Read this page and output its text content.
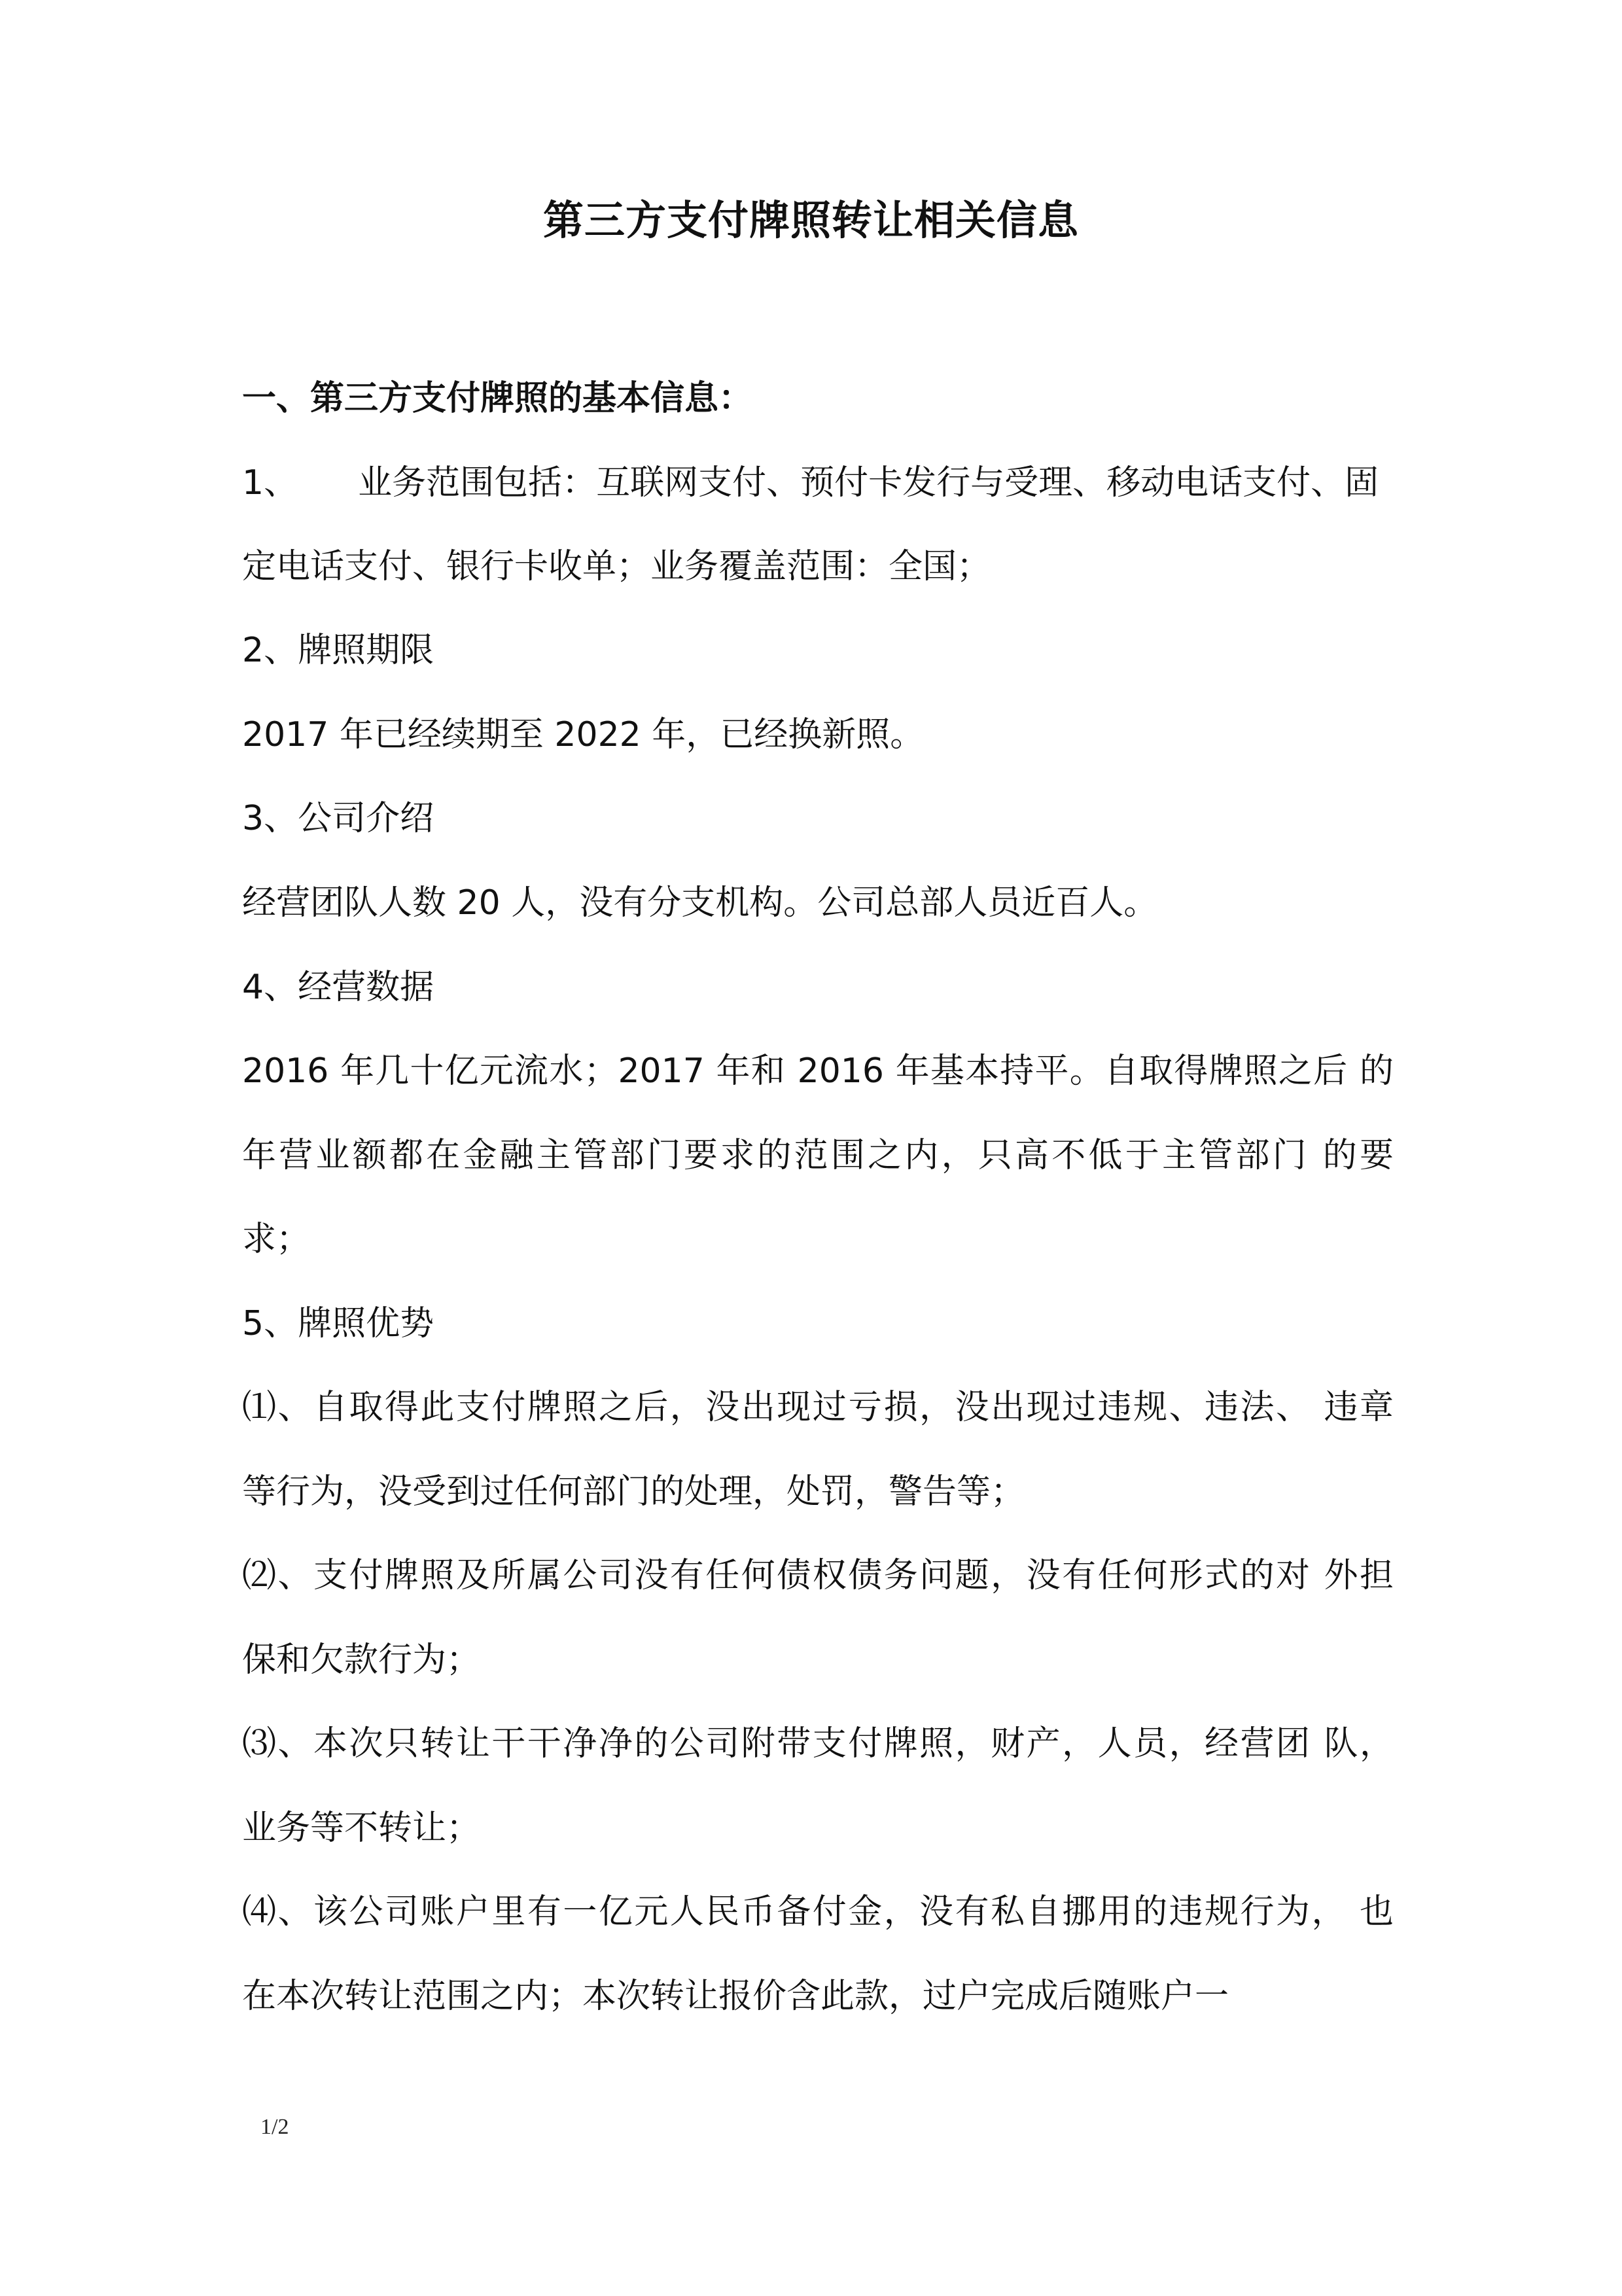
第三方支付牌照转让相关信息
一、第三方支付牌照的基本信息：
1、 业务范围包括：互联网支付、预付卡发行与受理、移动电话支付、固
定电话支付、银行卡收单；业务覆盖范围：全国；
2、牌照期限
2017 年已经续期至 2022 年，已经换新照。
3、公司介绍
经营团队人数 20 人，没有分支机构。公司总部人员近百人。
4、经营数据
2016 年几十亿元流水；2017 年和 2016 年基本持平。自取得牌照之后 的
年营业额都在金融主管部门要求的范围之内，只高不低于主管部门 的要
求；
5、牌照优势
⑴、自取得此支付牌照之后，没出现过亏损，没出现过违规、违法、 违章
等行为，没受到过任何部门的处理，处罚，警告等；
⑵、支付牌照及所属公司没有任何债权债务问题，没有任何形式的对 外担
保和欠款行为；
⑶、本次只转让干干净净的公司附带支付牌照，财产，人员，经营团 队，
业务等不转让；
⑷、该公司账户里有一亿元人民币备付金，没有私自挪用的违规行为， 也
在本次转让范围之内；本次转让报价含此款，过户完成后随账户一
1/2
